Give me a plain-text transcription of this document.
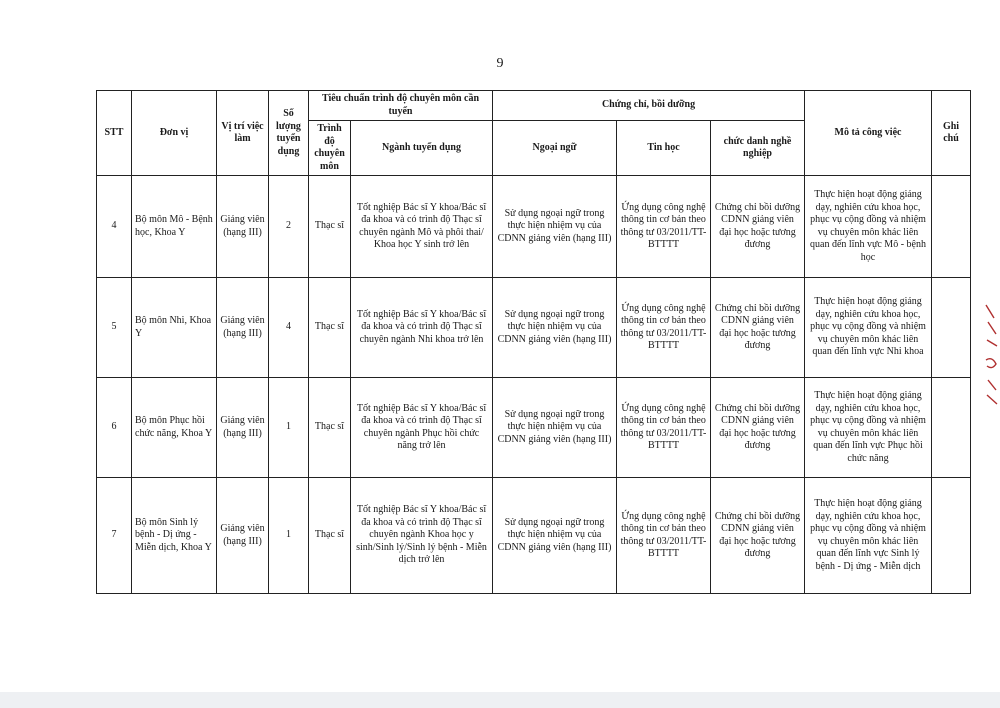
9
STT	Đơn vị	Vị trí việc làm	Số lượng tuyển dụng	Tiêu chuẩn trình độ chuyên môn cần tuyển		Chứng chỉ, bồi dưỡng			Mô tả công việc	Ghi chú
				Trình độ chuyên môn	Ngành tuyển dụng	Ngoại ngữ	Tin học	chức danh nghề nghiệp		
4	Bộ môn Mô - Bệnh học, Khoa Y	Giảng viên (hạng III)	2	Thạc sĩ	Tốt nghiệp Bác sĩ Y khoa/Bác sĩ đa khoa và có trình độ Thạc sĩ chuyên ngành Mô và phôi thai/ Khoa học Y sinh trở lên	Sử dụng ngoại ngữ trong thực hiện nhiệm vụ của CDNN giảng viên (hạng III)	Ứng dụng công nghệ thông tin cơ bản theo thông tư 03/2011/TT-BTTTT	Chứng chỉ bồi dưỡng CDNN giảng viên đại học hoặc tương đương	Thực hiện hoạt động giảng dạy, nghiên cứu khoa học, phục vụ cộng đồng và nhiệm vụ chuyên môn khác liên quan đến lĩnh vực Mô - bệnh học	
5	Bộ môn Nhi, Khoa Y	Giảng viên (hạng III)	4	Thạc sĩ	Tốt nghiệp Bác sĩ Y khoa/Bác sĩ đa khoa và có trình độ Thạc sĩ chuyên ngành Nhi khoa trở lên	Sử dụng ngoại ngữ trong thực hiện nhiệm vụ của CDNN giảng viên (hạng III)	Ứng dụng công nghệ thông tin cơ bản theo thông tư 03/2011/TT-BTTTT	Chứng chỉ bồi dưỡng CDNN giảng viên đại học hoặc tương đương	Thực hiện hoạt động giảng dạy, nghiên cứu khoa học, phục vụ cộng đồng và nhiệm vụ chuyên môn khác liên quan đến lĩnh vực Nhi khoa	
6	Bộ môn Phục hồi chức năng, Khoa Y	Giảng viên (hạng III)	1	Thạc sĩ	Tốt nghiệp Bác sĩ Y khoa/Bác sĩ đa khoa và có trình độ Thạc sĩ chuyên ngành Phục hồi chức năng trở lên	Sử dụng ngoại ngữ trong thực hiện nhiệm vụ của CDNN giảng viên (hạng III)	Ứng dụng công nghệ thông tin cơ bản theo thông tư 03/2011/TT-BTTTT	Chứng chỉ bồi dưỡng CDNN giảng viên đại học hoặc tương đương	Thực hiện hoạt động giảng dạy, nghiên cứu khoa học, phục vụ cộng đồng và nhiệm vụ chuyên môn khác liên quan đến lĩnh vực Phục hồi chức năng	
7	Bộ môn Sinh lý bệnh - Dị ứng - Miễn dịch, Khoa Y	Giảng viên (hạng III)	1	Thạc sĩ	Tốt nghiệp Bác sĩ Y khoa/Bác sĩ đa khoa và có trình độ Thạc sĩ chuyên ngành Khoa học y sinh/Sinh lý/Sinh lý bệnh - Miễn dịch trở lên	Sử dụng ngoại ngữ trong thực hiện nhiệm vụ của CDNN giảng viên (hạng III)	Ứng dụng công nghệ thông tin cơ bản theo thông tư 03/2011/TT-BTTTT	Chứng chỉ bồi dưỡng CDNN giảng viên đại học hoặc tương đương	Thực hiện hoạt động giảng dạy, nghiên cứu khoa học, phục vụ cộng đồng và nhiệm vụ chuyên môn khác liên quan đến lĩnh vực Sinh lý bệnh - Dị ứng - Miễn dịch	
